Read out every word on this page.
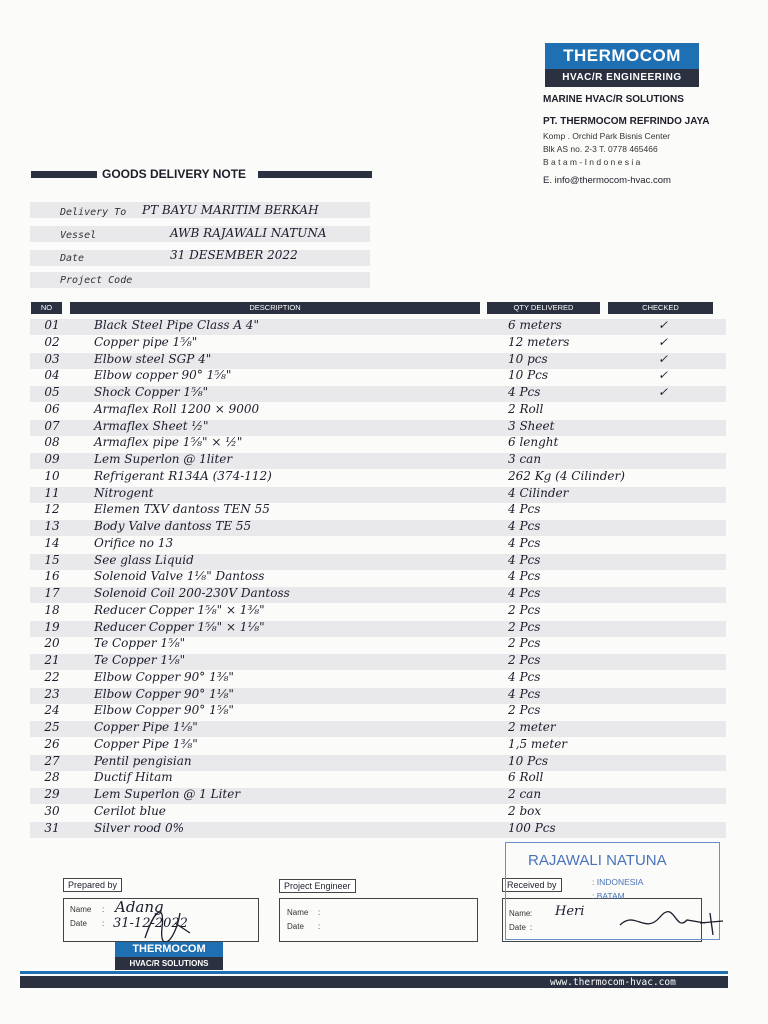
THERMOCOM
HVAC/R ENGINEERING
MARINE HVAC/R SOLUTIONS
PT. THERMOCOM REFRINDO JAYA
Komp . Orchid Park Bisnis Center
Blk AS no. 2-3 T. 0778 465466
B a t a m - I n d o n e s i a
E. info@thermocom-hvac.com
GOODS DELIVERY NOTE
Delivery To PT BAYU MARITIM BERKAH
Vessel	AWB RAJAWALI NATUNA
Date	31 DESEMBER 2022
Project Code
NO	DESCRIPTION	QTY DELIVERED	CHECKED
01	Black Steel Pipe Class A 4"	6 meters	✓
02	Copper pipe 1⅝"	12 meters	✓
03	Elbow steel SGP 4"	10 pcs	✓
04	Elbow copper 90° 1⅝"	10 Pcs	✓
05	Shock Copper 1⅝"	4 Pcs	✓
06	Armaflex Roll 1200 × 9000	2 Roll
07	Armaflex Sheet ½"	3 Sheet
08	Armaflex pipe 1⅝" × ½"	6 lenght
09	Lem Superlon @ 1liter	3 can
10	Refrigerant R134A (374-112)	262 Kg (4 Cilinder)
11	Nitrogent	4 Cilinder
12	Elemen TXV dantoss TEN 55	4 Pcs
13	Body Valve dantoss TE 55	4 Pcs
14	Orifice no 13	4 Pcs
15	See glass Liquid	4 Pcs
16	Solenoid Valve 1⅛" Dantoss	4 Pcs
17	Solenoid Coil 200-230V Dantoss	4 Pcs
18	Reducer Copper 1⅝" × 1⅜"	2 Pcs
19	Reducer Copper 1⅝" × 1⅛"	2 Pcs
20	Te Copper 1⅝"	2 Pcs
21	Te Copper 1⅛"	2 Pcs
22	Elbow Copper 90° 1⅜"	4 Pcs
23	Elbow Copper 90° 1⅛"	4 Pcs
24	Elbow Copper 90° 1⅝"	2 Pcs
25	Copper Pipe 1⅛"	2 meter
26	Copper Pipe 1⅜"	1,5 meter
27	Pentil pengisian	10 Pcs
28	Ductif Hitam	6 Roll
29	Lem Superlon @ 1 Liter	2 can
30	Cerilot blue	2 box
31	Silver rood 0%	100 Pcs
Prepared by
Name :
Date :
Adang
31-12-2022
THERMOCOM
HVAC/R SOLUTIONS
Project Engineer
Name :
Date :
Received by
Name :
Date :
Heri
RAJAWALI NATUNA
: INDONESIA
: BATAM
www.thermocom-hvac.com
